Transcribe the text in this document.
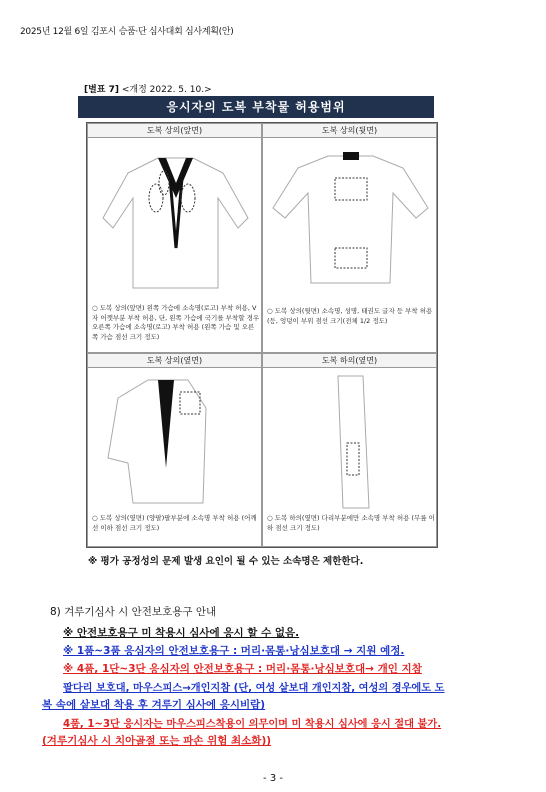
2025년 12월 6일 김포시 승품·단 심사대회 심사계획(안)
[별표 7] <개정 2022. 5. 10.>
응시자의 도복 부착물 허용범위
도복 상의(앞면)
○ 도복 상의(앞면) 왼쪽 가슴에 소속명(로고) 부착 허용, V자 어깻부분 부착 허용, 단, 왼쪽 가슴에 국기를 부착할 경우 오른쪽 가슴에 소속명(로고) 부착 허용 (왼쪽 가슴 및 오른쪽 가슴 점선 크기 정도)
도복 상의(뒷면)
○ 도복 상의(뒷면) 소속명, 성명, 태권도 글자 등 부착 허용 (등, 엉덩이 부위 점선 크기(전체 1/2 정도)
도복 상의(옆면)
○ 도복 상의(옆면) (양팔)팔부분에 소속명 부착 허용 (어깨선 이하 점선 크기 정도)
도복 하의(옆면)
○ 도복 하의(옆면) 다리부분에만 소속명 부착 허용 (무릎 이하 점선 크기 정도)
※ 평가 공정성의 문제 발생 요인이 될 수 있는 소속명은 제한한다.
8) 겨루기심사 시 안전보호용구 안내
※ 안전보호용구 미 착용시 심사에 응시 할 수 없음.
※ 1품~3품 응심자의 안전보호용구 : 머리·몸통·낭심보호대 → 지원 예정.
※ 4품, 1단~3단 응심자의 안전보호용구 : 머리·몸통·낭심보호대→ 개인 지참
팔다리 보호대, 마우스피스→개인지참 (단, 여성 샅보대 개인지참, 여성의 경우에도 도
복 속에 샅보대 착용 후 겨루기 심사에 응시비람)
4품, 1~3단 응시자는 마우스피스착용이 의무이며 미 착용시 심사에 응시 절대 불가.
(겨루기심사 시 치아골절 또는 파손 위험 최소화))
- 3 -
